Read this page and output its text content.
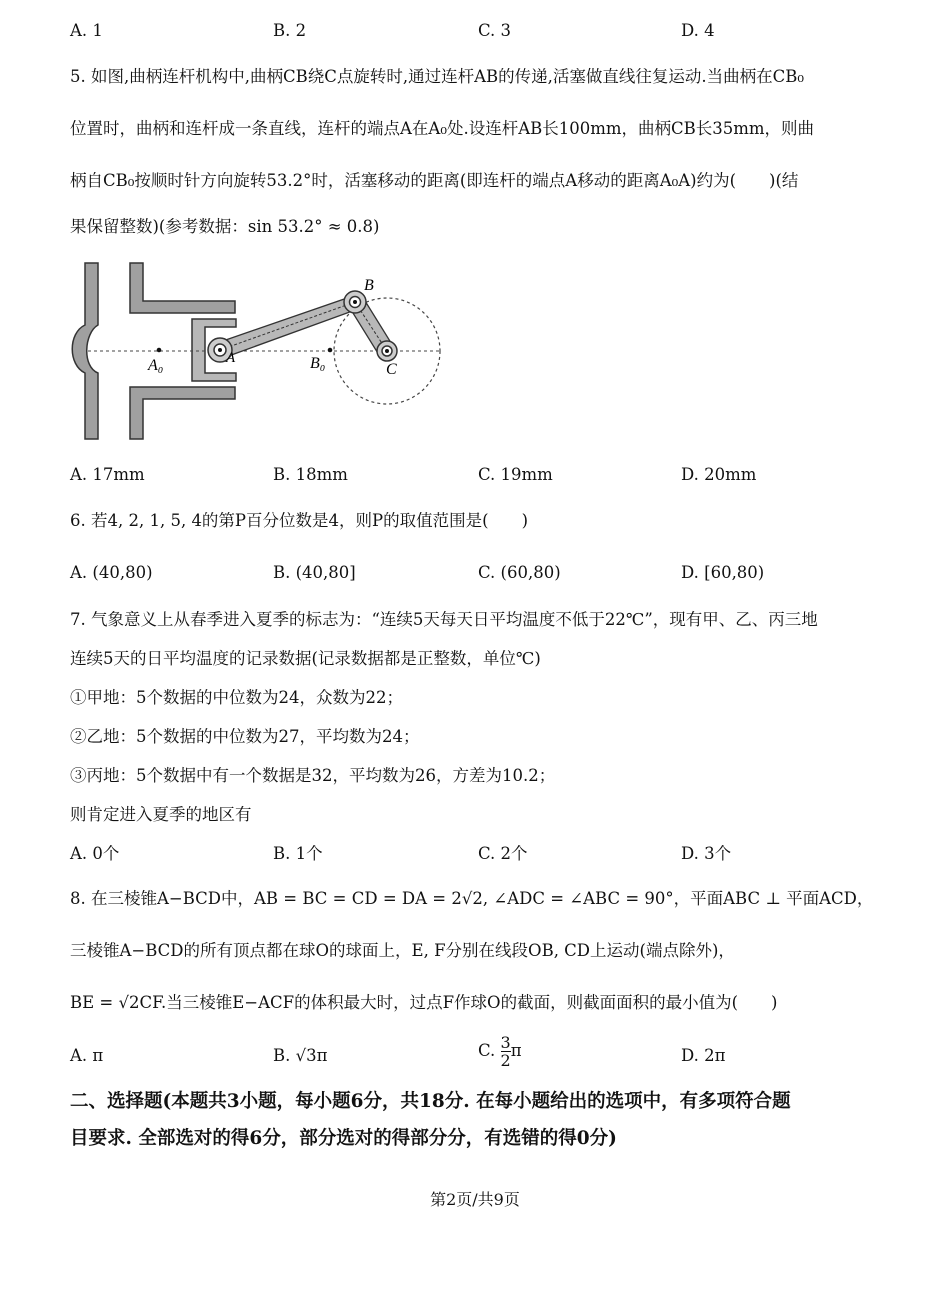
A. 1	B. 2	C. 3	D. 4
5. 如图,曲柄连杆机构中,曲柄CB绕C点旋转时,通过连杆AB的传递,活塞做直线往复运动.当曲柄在CB₀
位置时，曲柄和连杆成一条直线，连杆的端点A在A₀处.设连杆AB长100mm，曲柄CB长35mm，则曲
柄自CB₀按顺时针方向旋转53.2°时，活塞移动的距离(即连杆的端点A移动的距离A₀A)约为(　　)(结
果保留整数)(参考数据：sin 53.2° ≈ 0.8)
B
A₀	A	B₀	C
A. 17mm	B. 18mm	C. 19mm	D. 20mm
6. 若4, 2, 1, 5, 4的第P百分位数是4，则P的取值范围是(　　)
A. (40,80)	B. (40,80]	C. (60,80)	D. [60,80)
7. 气象意义上从春季进入夏季的标志为：“连续5天每天日平均温度不低于22℃”，现有甲、乙、丙三地
连续5天的日平均温度的记录数据(记录数据都是正整数，单位℃)
①甲地：5个数据的中位数为24，众数为22；
②乙地：5个数据的中位数为27，平均数为24；
③丙地：5个数据中有一个数据是32，平均数为26，方差为10.2；
则肯定进入夏季的地区有
A. 0个	B. 1个	C. 2个	D. 3个
8. 在三棱锥A−BCD中，AB = BC = CD = DA = 2√2, ∠ADC = ∠ABC = 90°，平面ABC ⊥ 平面ACD，
三棱锥A−BCD的所有顶点都在球O的球面上，E, F分别在线段OB, CD上运动(端点除外)，
BE = √2CF.当三棱锥E−ACF的体积最大时，过点F作球O的截面，则截面面积的最小值为(　　)
A. π	B. √3π	C. $\frac{3}{2}$ π	D. 2π
二、选择题(本题共3小题，每小题6分，共18分. 在每小题给出的选项中，有多项符合题
目要求. 全部选对的得6分，部分选对的得部分分，有选错的得0分)
第2页/共9页
